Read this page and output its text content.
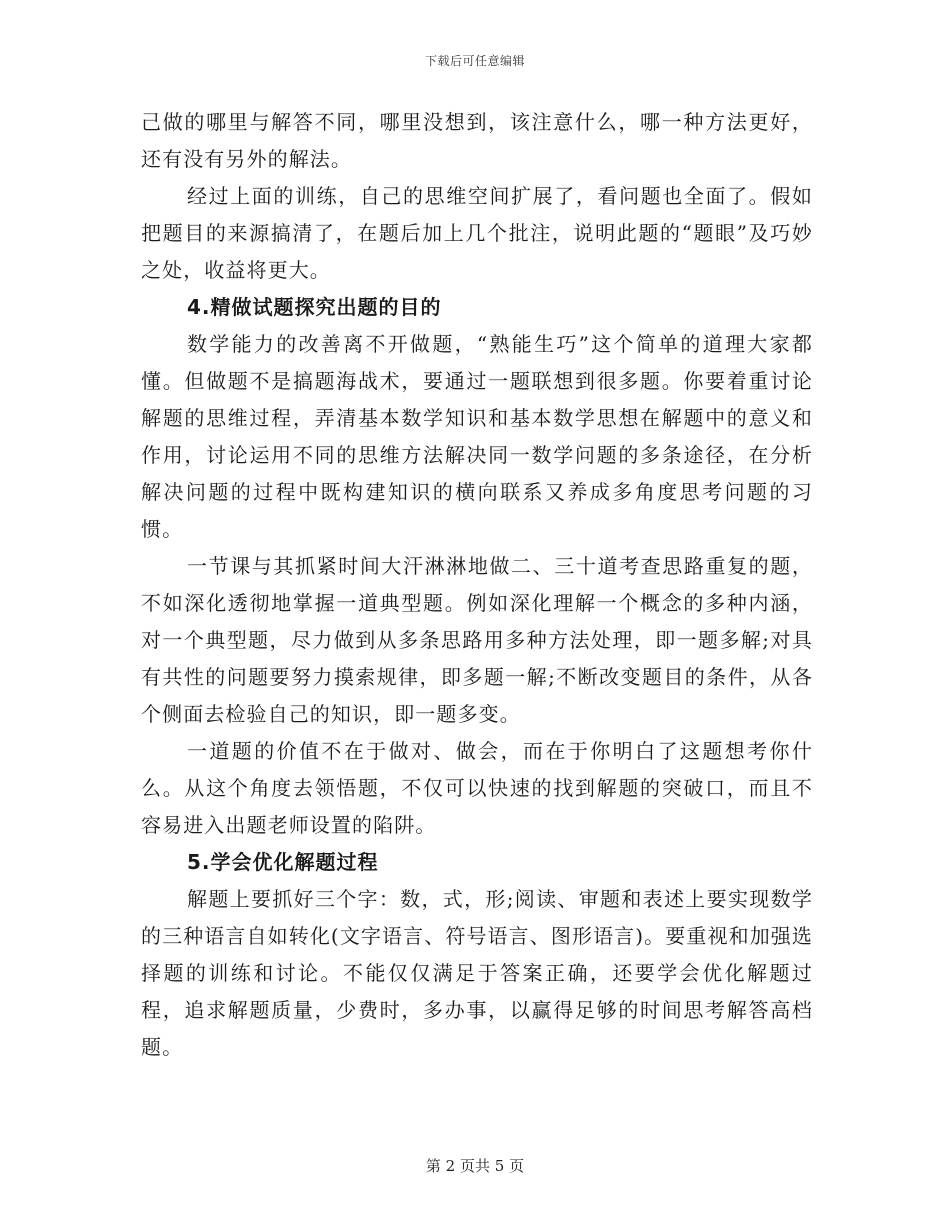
下载后可任意编辑

己做的哪里与解答不同，哪里没想到，该注意什么，哪一种方法更好，还有没有另外的解法。

经过上面的训练，自己的思维空间扩展了，看问题也全面了。假如把题目的来源搞清了，在题后加上几个批注，说明此题的“题眼”及巧妙之处，收益将更大。

4.精做试题探究出题的目的

数学能力的改善离不开做题，“熟能生巧”这个简单的道理大家都懂。但做题不是搞题海战术，要通过一题联想到很多题。你要着重讨论解题的思维过程，弄清基本数学知识和基本数学思想在解题中的意义和作用，讨论运用不同的思维方法解决同一数学问题的多条途径，在分析解决问题的过程中既构建知识的横向联系又养成多角度思考问题的习惯。

一节课与其抓紧时间大汗淋淋地做二、三十道考查思路重复的题，不如深化透彻地掌握一道典型题。例如深化理解一个概念的多种内涵，对一个典型题，尽力做到从多条思路用多种方法处理，即一题多解;对具有共性的问题要努力摸索规律，即多题一解;不断改变题目的条件，从各个侧面去检验自己的知识，即一题多变。

一道题的价值不在于做对、做会，而在于你明白了这题想考你什么。从这个角度去领悟题，不仅可以快速的找到解题的突破口，而且不容易进入出题老师设置的陷阱。

5.学会优化解题过程

解题上要抓好三个字：数，式，形;阅读、审题和表述上要实现数学的三种语言自如转化(文字语言、符号语言、图形语言)。要重视和加强选择题的训练和讨论。不能仅仅满足于答案正确，还要学会优化解题过程，追求解题质量，少费时，多办事，以赢得足够的时间思考解答高档题。

第 2 页共 5 页
